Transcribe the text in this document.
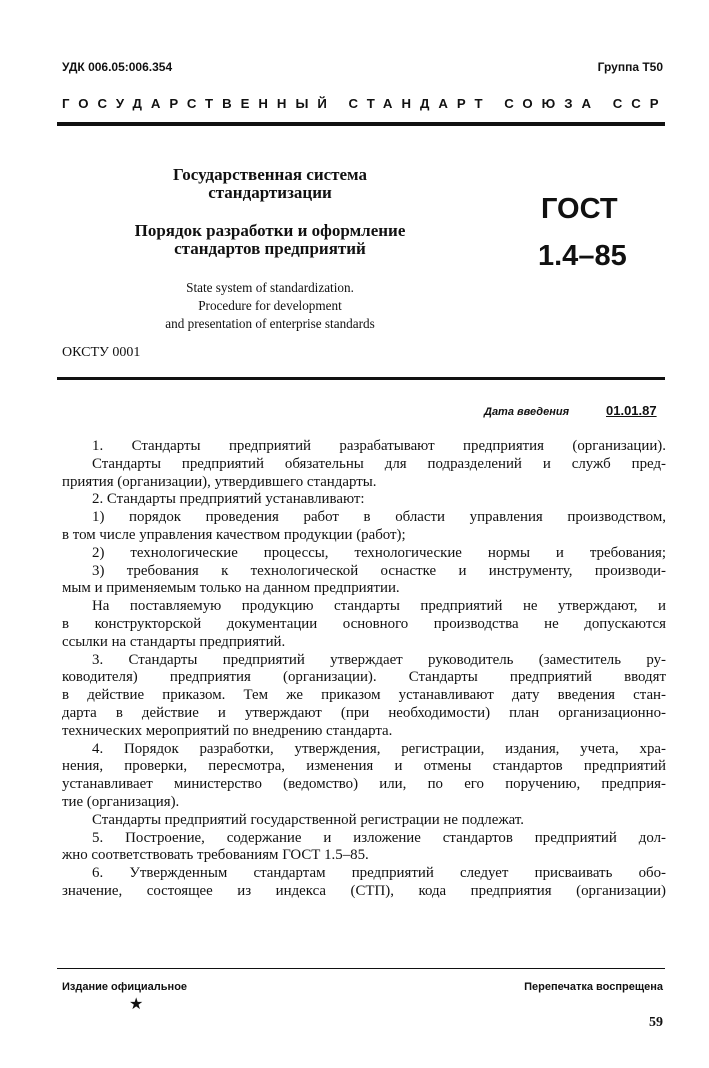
УДК 006.05:006.354	Группа Т50
ГОСУДАРСТВЕННЫЙ СТАНДАРТ СОЮЗА ССР
Государственная система
стандартизации
Порядок разработки и оформление
стандартов предприятий
State system of standardization.
Procedure for development
and presentation of enterprise standards
ГОСТ
1.4–85
ОКСТУ 0001
Дата введения	01.01.87
1. Стандарты предприятий разрабатывают предприятия (организации).
Стандарты предприятий обязательны для подразделений и служб пред-
приятия (организации), утвердившего стандарты.
2. Стандарты предприятий устанавливают:
1) порядок проведения работ в области управления производством,
в том числе управления качеством продукции (работ);
2) технологические процессы, технологические нормы и требования;
3) требования к технологической оснастке и инструменту, производи-
мым и применяемым только на данном предприятии.
На поставляемую продукцию стандарты предприятий не утверждают, и
в конструкторской документации основного производства не допускаются
ссылки на стандарты предприятий.
3. Стандарты предприятий утверждает руководитель (заместитель ру-
ководителя) предприятия (организации). Стандарты предприятий вводят
в действие приказом. Тем же приказом устанавливают дату введения стан-
дарта в действие и утверждают (при необходимости) план организационно-
технических мероприятий по внедрению стандарта.
4. Порядок разработки, утверждения, регистрации, издания, учета, хра-
нения, проверки, пересмотра, изменения и отмены стандартов предприятий
устанавливает министерство (ведомство) или, по его поручению, предприя-
тие (организация).
Стандарты предприятий государственной регистрации не подлежат.
5. Построение, содержание и изложение стандартов предприятий дол-
жно соответствовать требованиям ГОСТ 1.5–85.
6. Утвержденным стандартам предприятий следует присваивать обо-
значение, состоящее из индекса (СТП), кода предприятия (организации)
Издание официальное
★
Перепечатка воспрещена
59
